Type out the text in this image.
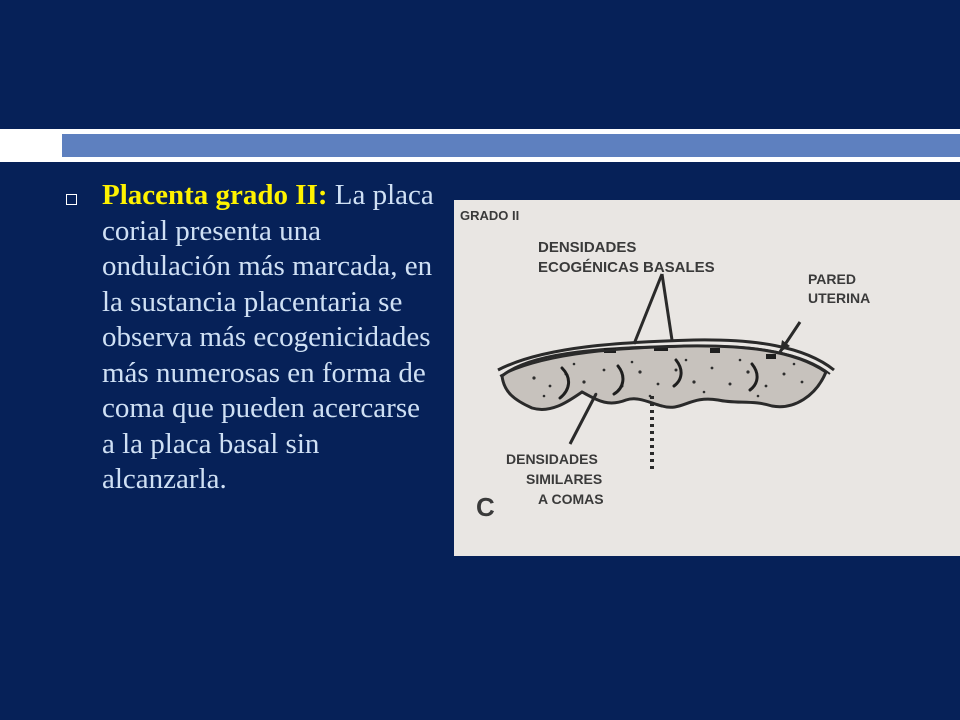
Placenta grado II: La placa corial presenta una ondulación más marcada, en la sustancia placentaria se observa más ecogenicidades más numerosas en forma de coma que pueden acercarse a la placa basal sin alcanzarla.
GRADO II
DENSIDADES
ECOGÉNICAS BASALES
PARED
UTERINA
DENSIDADES
SIMILARES
A COMAS
C
